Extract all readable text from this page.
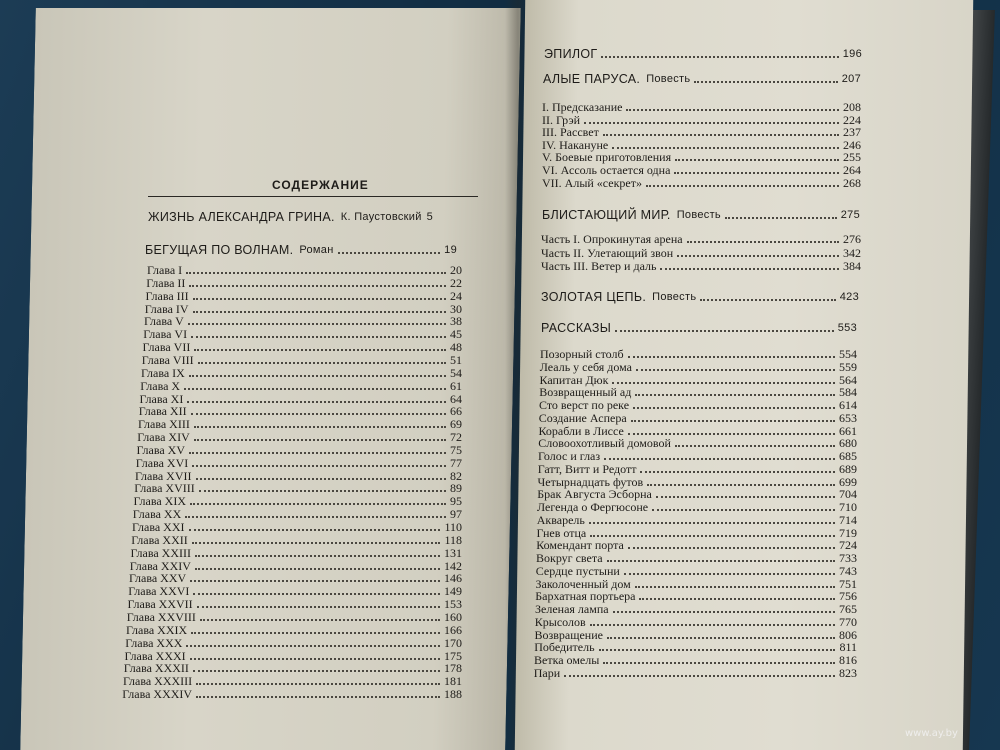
СОДЕРЖАНИЕ
ЖИЗНЬ АЛЕКСАНДРА ГРИНА. К. Паустовский 5
БЕГУЩАЯ ПО ВОЛНАМ. Роман	19
Глава I	20
Глава II	22
Глава III	24
Глава IV	30
Глава V	38
Глава VI	45
Глава VII	48
Глава VIII	51
Глава IX	54
Глава X	61
Глава XI	64
Глава XII	66
Глава XIII	69
Глава XIV	72
Глава XV	75
Глава XVI	77
Глава XVII	82
Глава XVIII	89
Глава XIX	95
Глава XX	97
Глава XXI	110
Глава XXII	118
Глава XXIII	131
Глава XXIV	142
Глава XXV	146
Глава XXVI	149
Глава XXVII	153
Глава XXVIII	160
Глава XXIX	166
Глава XXX	170
Глава XXXI	175
Глава XXXII	178
Глава XXXIII	181
Глава XXXIV	188
ЭПИЛОГ	196
АЛЫЕ ПАРУСА. Повесть	207
I. Предсказание	208
II. Грэй	224
III. Рассвет	237
IV. Накануне	246
V. Боевые приготовления	255
VI. Ассоль остается одна	264
VII. Алый «секрет»	268
БЛИСТАЮЩИЙ МИР. Повесть	275
Часть I. Опрокинутая арена	276
Часть II. Улетающий звон	342
Часть III. Ветер и даль	384
ЗОЛОТАЯ ЦЕПЬ. Повесть	423
РАССКАЗЫ	553
Позорный столб	554
Леаль у себя дома	559
Капитан Дюк	564
Возвращенный ад	584
Сто верст по реке	614
Создание Аспера	653
Корабли в Лиссе	661
Словоохотливый домовой	680
Голос и глаз	685
Гатт, Витт и Редотт	689
Четырнадцать футов	699
Брак Августа Эсборна	704
Легенда о Фергюсоне	710
Акварель	714
Гнев отца	719
Комендант порта	724
Вокруг света	733
Сердце пустыни	743
Заколоченный дом	751
Бархатная портьера	756
Зеленая лампа	765
Крысолов	770
Возвращение	806
Победитель	811
Ветка омелы	816
Пари	823
www.ay.by
